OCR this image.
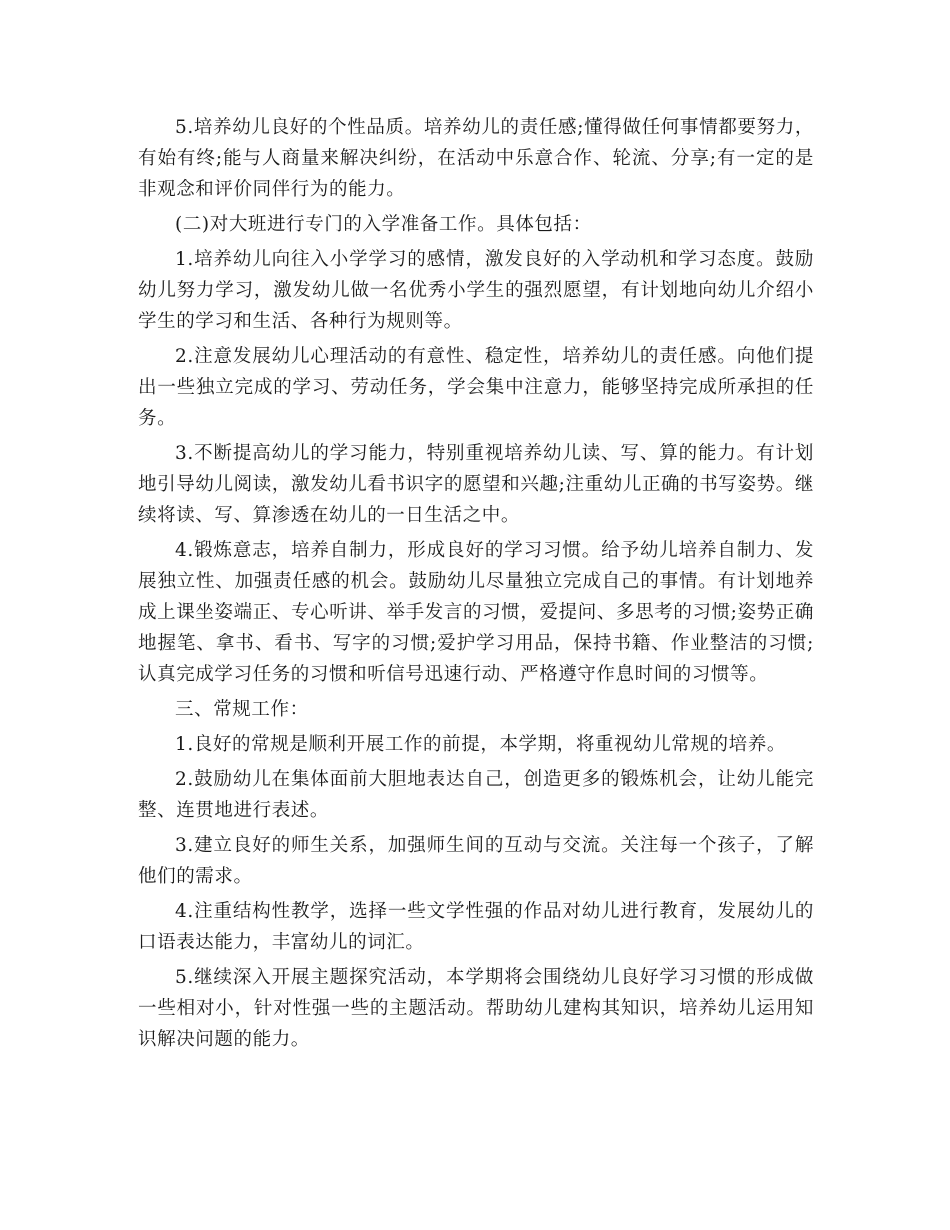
5.培养幼儿良好的个性品质。培养幼儿的责任感;懂得做任何事情都要努力，有始有终;能与人商量来解决纠纷，在活动中乐意合作、轮流、分享;有一定的是非观念和评价同伴行为的能力。

(二)对大班进行专门的入学准备工作。具体包括：

1.培养幼儿向往入小学学习的感情，激发良好的入学动机和学习态度。鼓励幼儿努力学习，激发幼儿做一名优秀小学生的强烈愿望，有计划地向幼儿介绍小学生的学习和生活、各种行为规则等。

2.注意发展幼儿心理活动的有意性、稳定性，培养幼儿的责任感。向他们提出一些独立完成的学习、劳动任务，学会集中注意力，能够坚持完成所承担的任务。

3.不断提高幼儿的学习能力，特别重视培养幼儿读、写、算的能力。有计划地引导幼儿阅读，激发幼儿看书识字的愿望和兴趣;注重幼儿正确的书写姿势。继续将读、写、算渗透在幼儿的一日生活之中。

4.锻炼意志，培养自制力，形成良好的学习习惯。给予幼儿培养自制力、发展独立性、加强责任感的机会。鼓励幼儿尽量独立完成自己的事情。有计划地养成上课坐姿端正、专心听讲、举手发言的习惯，爱提问、多思考的习惯;姿势正确地握笔、拿书、看书、写字的习惯;爱护学习用品，保持书籍、作业整洁的习惯;认真完成学习任务的习惯和听信号迅速行动、严格遵守作息时间的习惯等。

三、常规工作：

1.良好的常规是顺利开展工作的前提，本学期，将重视幼儿常规的培养。

2.鼓励幼儿在集体面前大胆地表达自己，创造更多的锻炼机会，让幼儿能完整、连贯地进行表述。

3.建立良好的师生关系，加强师生间的互动与交流。关注每一个孩子，了解他们的需求。

4.注重结构性教学，选择一些文学性强的作品对幼儿进行教育，发展幼儿的口语表达能力，丰富幼儿的词汇。

5.继续深入开展主题探究活动，本学期将会围绕幼儿良好学习习惯的形成做一些相对小，针对性强一些的主题活动。帮助幼儿建构其知识，培养幼儿运用知识解决问题的能力。
